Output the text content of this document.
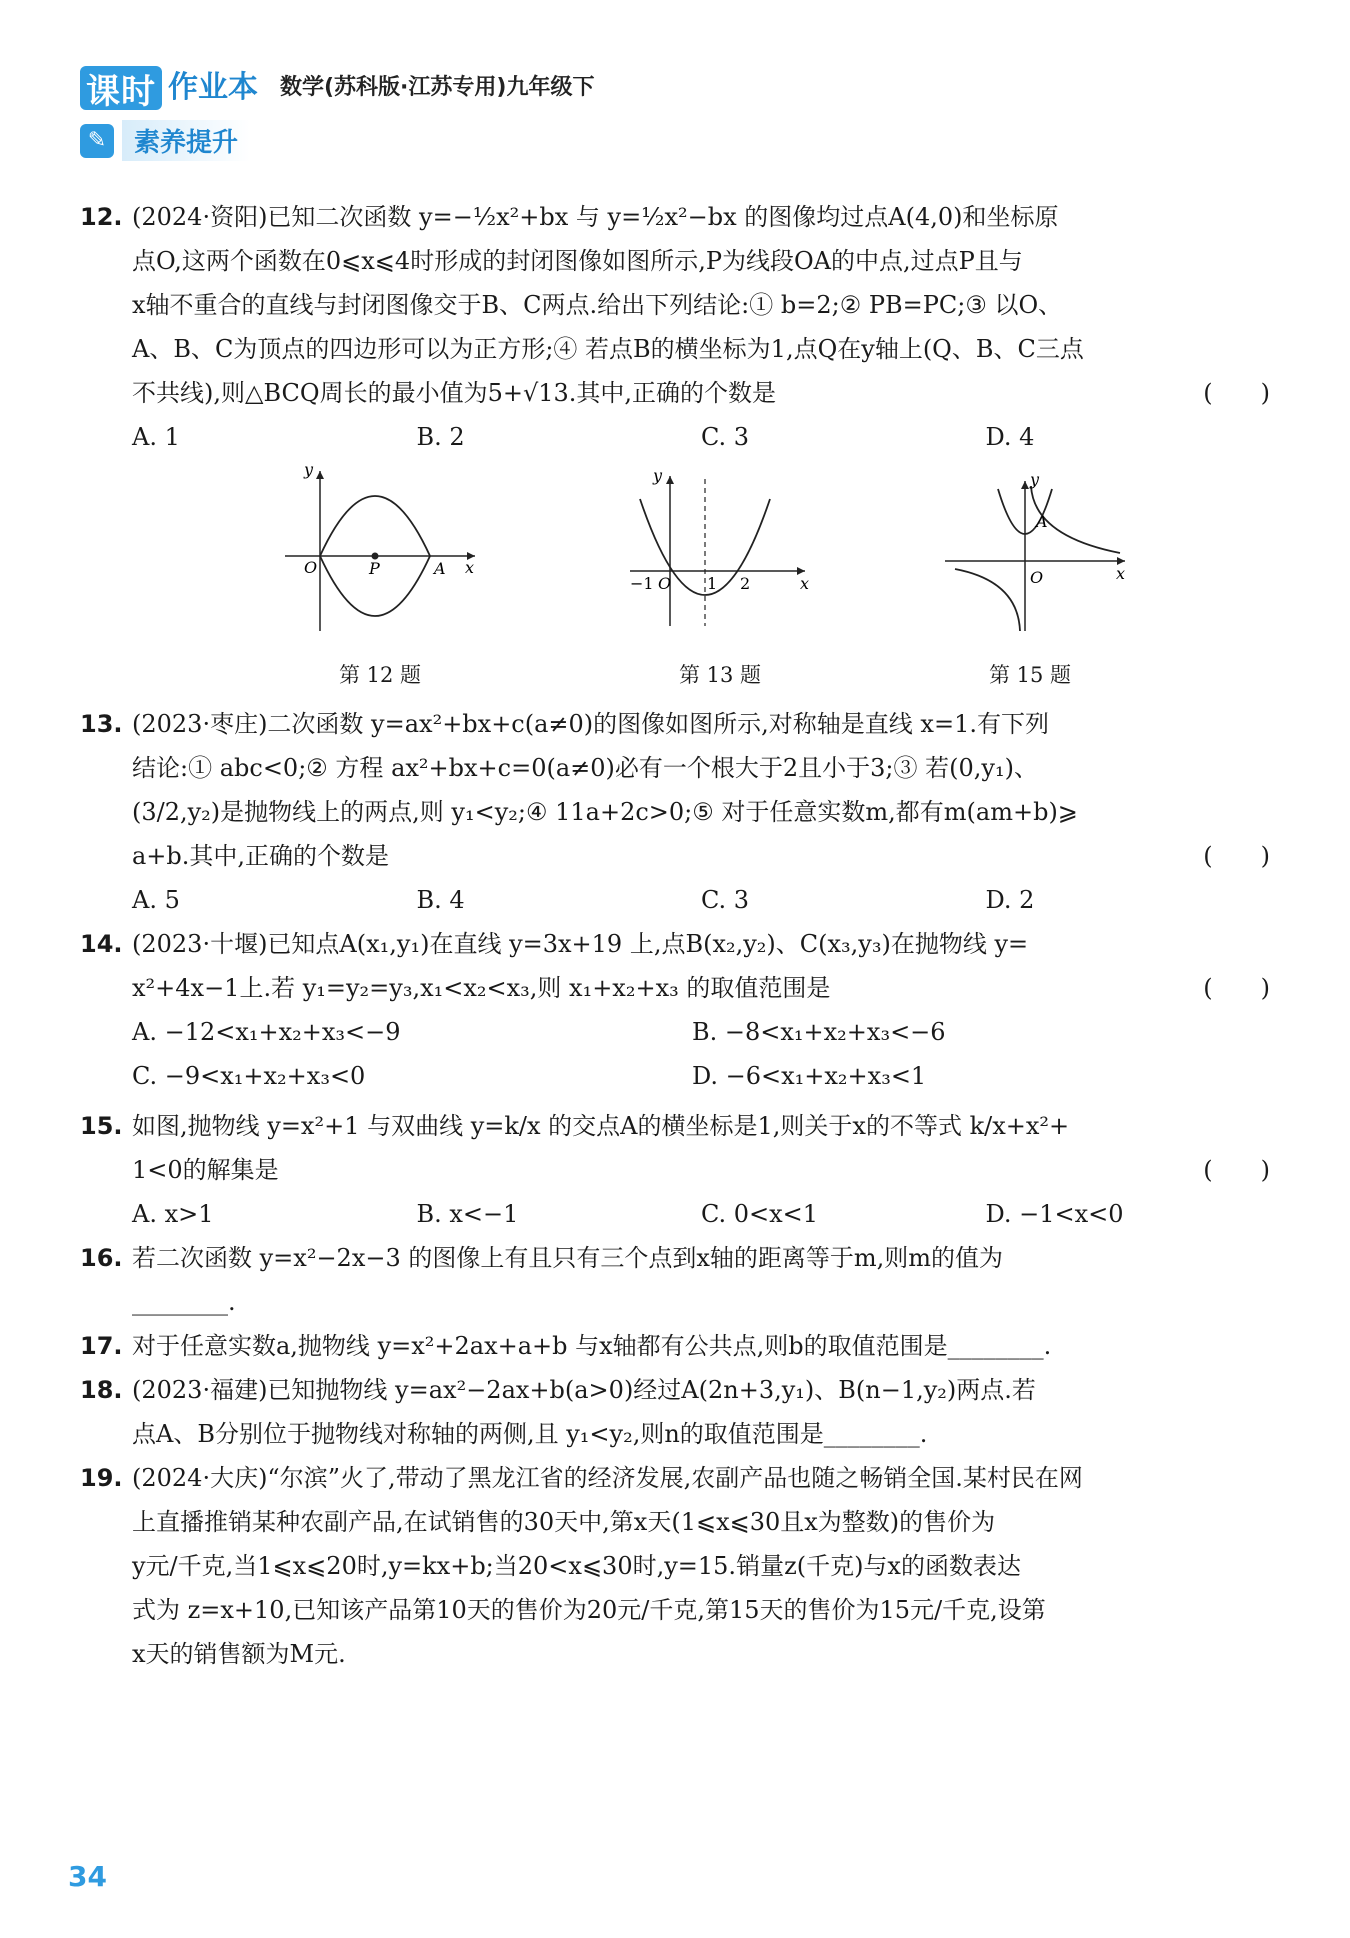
课时 作业本 数学(苏科版·江苏专用)九年级下
✎	素养提升
12. (2024·资阳)已知二次函数 y=−½x²+bx 与 y=½x²−bx 的图像均过点A(4,0)和坐标原
点O,这两个函数在0⩽x⩽4时形成的封闭图像如图所示,P为线段OA的中点,过点P且与
x轴不重合的直线与封闭图像交于B、C两点.给出下列结论:① b=2;② PB=PC;③ 以O、
A、B、C为顶点的四边形可以为正方形;④ 若点B的横坐标为1,点Q在y轴上(Q、B、C三点
不共线),则△BCQ周长的最小值为5+√13.其中,正确的个数是	(　　)
A. 1	B. 2	C. 3	D. 4
y
x
O	P	A
y
x
−1 O 1 2
y
x
O
A
第 12 题	第 13 题	第 15 题
13. (2023·枣庄)二次函数 y=ax²+bx+c(a≠0)的图像如图所示,对称轴是直线 x=1.有下列
结论:① abc<0;② 方程 ax²+bx+c=0(a≠0)必有一个根大于2且小于3;③ 若(0,y₁)、
(3/2,y₂)是抛物线上的两点,则 y₁<y₂;④ 11a+2c>0;⑤ 对于任意实数m,都有m(am+b)⩾
a+b.其中,正确的个数是	(　　)
A. 5	B. 4	C. 3	D. 2
14. (2023·十堰)已知点A(x₁,y₁)在直线 y=3x+19 上,点B(x₂,y₂)、C(x₃,y₃)在抛物线 y=
x²+4x−1上.若 y₁=y₂=y₃,x₁<x₂<x₃,则 x₁+x₂+x₃ 的取值范围是	(　　)
A. −12<x₁+x₂+x₃<−9	B. −8<x₁+x₂+x₃<−6
C. −9<x₁+x₂+x₃<0	D. −6<x₁+x₂+x₃<1
15. 如图,抛物线 y=x²+1 与双曲线 y=k/x 的交点A的横坐标是1,则关于x的不等式 k/x+x²+
1<0的解集是	(　　)
A. x>1	B. x<−1	C. 0<x<1	D. −1<x<0
16. 若二次函数 y=x²−2x−3 的图像上有且只有三个点到x轴的距离等于m,则m的值为
________.
17. 对于任意实数a,抛物线 y=x²+2ax+a+b 与x轴都有公共点,则b的取值范围是________.
18. (2023·福建)已知抛物线 y=ax²−2ax+b(a>0)经过A(2n+3,y₁)、B(n−1,y₂)两点.若
点A、B分别位于抛物线对称轴的两侧,且 y₁<y₂,则n的取值范围是________.
19. (2024·大庆)“尔滨”火了,带动了黑龙江省的经济发展,农副产品也随之畅销全国.某村民在网
上直播推销某种农副产品,在试销售的30天中,第x天(1⩽x⩽30且x为整数)的售价为
y元/千克,当1⩽x⩽20时,y=kx+b;当20<x⩽30时,y=15.销量z(千克)与x的函数表达
式为 z=x+10,已知该产品第10天的售价为20元/千克,第15天的售价为15元/千克,设第
x天的销售额为M元.
34
